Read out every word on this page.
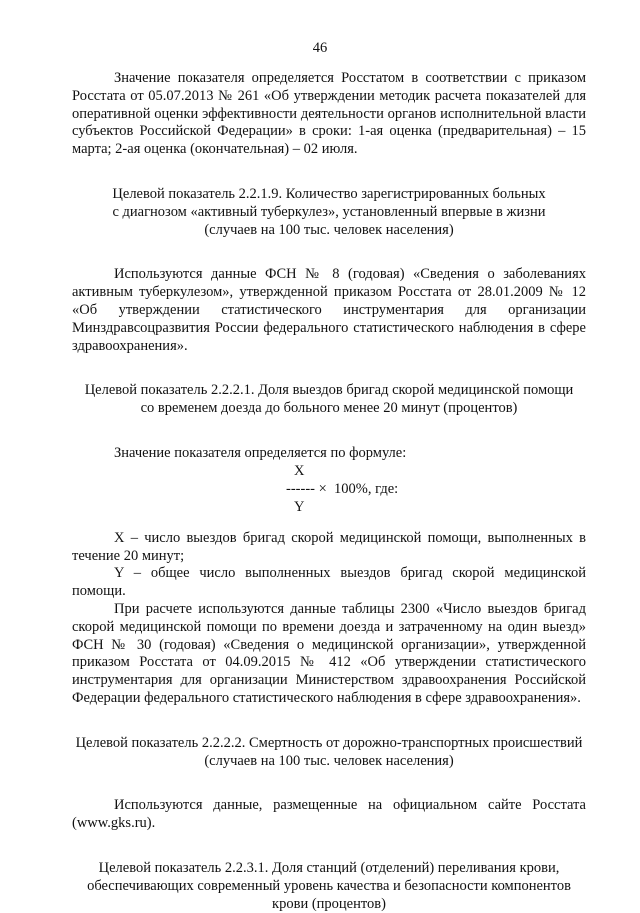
46

Значение показателя определяется Росстатом в соответствии с приказом Росстата от 05.07.2013 № 261 «Об утверждении методик расчета показателей для оперативной оценки эффективности деятельности органов исполнительной власти субъектов Российской Федерации» в сроки: 1-ая оценка (предварительная) – 15 марта; 2-ая оценка (окончательная) – 02 июля.

Целевой показатель 2.2.1.9. Количество зарегистрированных больных
с диагнозом «активный туберкулез», установленный впервые в жизни
(случаев на 100 тыс. человек населения)

Используются данные ФСН № 8 (годовая) «Сведения о заболеваниях активным туберкулезом», утвержденной приказом Росстата от 28.01.2009 № 12 «Об утверждении статистического инструментария для организации Минздравсоцразвития России федерального статистического наблюдения в сфере здравоохранения».

Целевой показатель 2.2.2.1. Доля выездов бригад скорой медицинской помощи
со временем доезда до больного менее 20 минут (процентов)

Значение показателя определяется по формуле:

X
------ ×  100%, где:
Y

X – число выездов бригад скорой медицинской помощи, выполненных в течение 20 минут;

Y – общее число выполненных выездов бригад скорой медицинской помощи.

При расчете используются данные таблицы 2300 «Число выездов бригад скорой медицинской помощи по времени доезда и затраченному на один выезд» ФСН № 30 (годовая) «Сведения о медицинской организации», утвержденной приказом Росстата от 04.09.2015 № 412 «Об утверждении статистического инструментария для организации Министерством здравоохранения Российской Федерации федерального статистического наблюдения в сфере здравоохранения».

Целевой показатель 2.2.2.2. Смертность от дорожно-транспортных происшествий
(случаев на 100 тыс. человек населения)

Используются данные, размещенные на официальном сайте Росстата (www.gks.ru).

Целевой показатель 2.2.3.1. Доля станций (отделений) переливания крови,
обеспечивающих современный уровень качества и безопасности компонентов
крови (процентов)
